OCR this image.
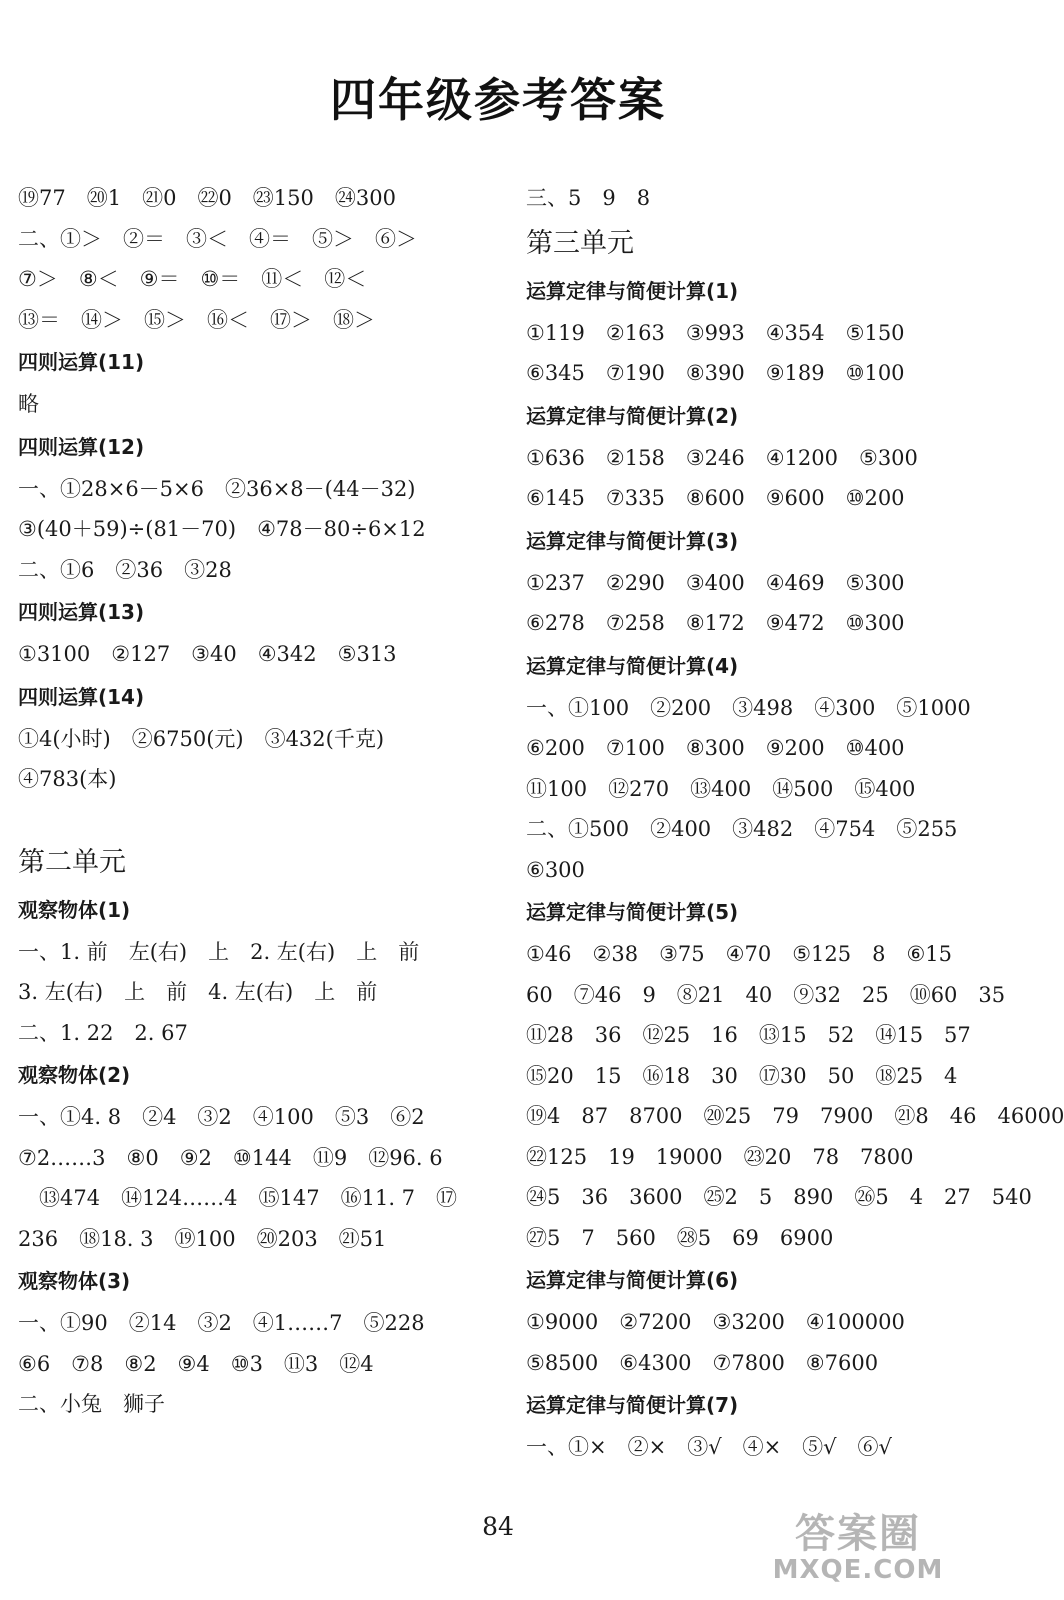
四年级参考答案
⑲77　⑳1　㉑0　㉒0　㉓150　㉔300
二、①＞　②＝　③＜　④＝　⑤＞　⑥＞
⑦＞　⑧＜　⑨＝　⑩＝　⑪＜　⑫＜
⑬＝　⑭＞　⑮＞　⑯＜　⑰＞　⑱＞
四则运算(11)
略
四则运算(12)
一、①28×6－5×6　②36×8－(44－32)
③(40＋59)÷(81－70)　④78－80÷6×12
二、①6　②36　③28
四则运算(13)
①3100　②127　③40　④342　⑤313
四则运算(14)
①4(小时)　②6750(元)　③432(千克)
④783(本)
第二单元
观察物体(1)
一、1. 前　左(右)　上　2. 左(右)　上　前
3. 左(右)　上　前　4. 左(右)　上　前
二、1. 22　2. 67
观察物体(2)
一、①4. 8　②4　③2　④100　⑤3　⑥2
⑦2……3　⑧0　⑨2　⑩144　⑪9　⑫96. 6
　⑬474　⑭124……4　⑮147　⑯11. 7　⑰
236　⑱18. 3　⑲100　⑳203　㉑51
观察物体(3)
一、①90　②14　③2　④1……7　⑤228
⑥6　⑦8　⑧2　⑨4　⑩3　⑪3　⑫4
二、小兔　狮子
三、5　9　8
第三单元
运算定律与简便计算(1)
①119　②163　③993　④354　⑤150
⑥345　⑦190　⑧390　⑨189　⑩100
运算定律与简便计算(2)
①636　②158　③246　④1200　⑤300
⑥145　⑦335　⑧600　⑨600　⑩200
运算定律与简便计算(3)
①237　②290　③400　④469　⑤300
⑥278　⑦258　⑧172　⑨472　⑩300
运算定律与简便计算(4)
一、①100　②200　③498　④300　⑤1000
⑥200　⑦100　⑧300　⑨200　⑩400
⑪100　⑫270　⑬400　⑭500　⑮400
二、①500　②400　③482　④754　⑤255
⑥300
运算定律与简便计算(5)
①46　②38　③75　④70　⑤125　8　⑥15
60　⑦46　9　⑧21　40　⑨32　25　⑩60　35
⑪28　36　⑫25　16　⑬15　52　⑭15　57
⑮20　15　⑯18　30　⑰30　50　⑱25　4
⑲4　87　8700　⑳25　79　7900　㉑8　46　46000
㉒125　19　19000　㉓20　78　7800
㉔5　36　3600　㉕2　5　890　㉖5　4　27　540
㉗5　7　560　㉘5　69　6900
运算定律与简便计算(6)
①9000　②7200　③3200　④100000
⑤8500　⑥4300　⑦7800　⑧7600
运算定律与简便计算(7)
一、①×　②×　③√　④×　⑤√　⑥√
84	答案圈
MXQE.COM
